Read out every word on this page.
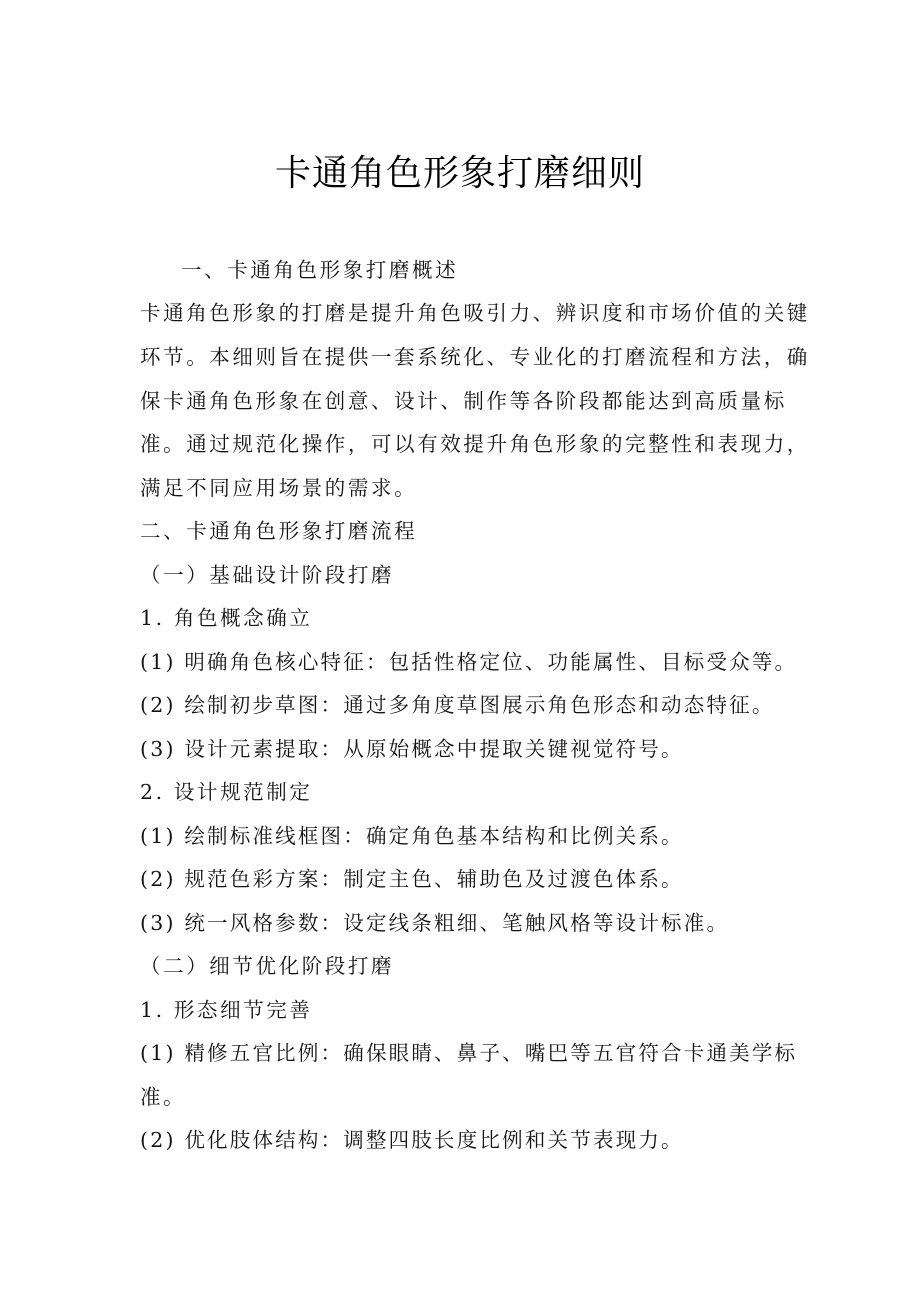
卡通角色形象打磨细则

一、卡通角色形象打磨概述

卡通角色形象的打磨是提升角色吸引力、辨识度和市场价值的关键

环节。本细则旨在提供一套系统化、专业化的打磨流程和方法，确

保卡通角色形象在创意、设计、制作等各阶段都能达到高质量标

准。通过规范化操作，可以有效提升角色形象的完整性和表现力，

满足不同应用场景的需求。

二、卡通角色形象打磨流程

（一）基础设计阶段打磨

1. 角色概念确立

(1) 明确角色核心特征：包括性格定位、功能属性、目标受众等。

(2) 绘制初步草图：通过多角度草图展示角色形态和动态特征。

(3) 设计元素提取：从原始概念中提取关键视觉符号。

2. 设计规范制定

(1) 绘制标准线框图：确定角色基本结构和比例关系。

(2) 规范色彩方案：制定主色、辅助色及过渡色体系。

(3) 统一风格参数：设定线条粗细、笔触风格等设计标准。

（二）细节优化阶段打磨

1. 形态细节完善

(1) 精修五官比例：确保眼睛、鼻子、嘴巴等五官符合卡通美学标

准。

(2) 优化肢体结构：调整四肢长度比例和关节表现力。
